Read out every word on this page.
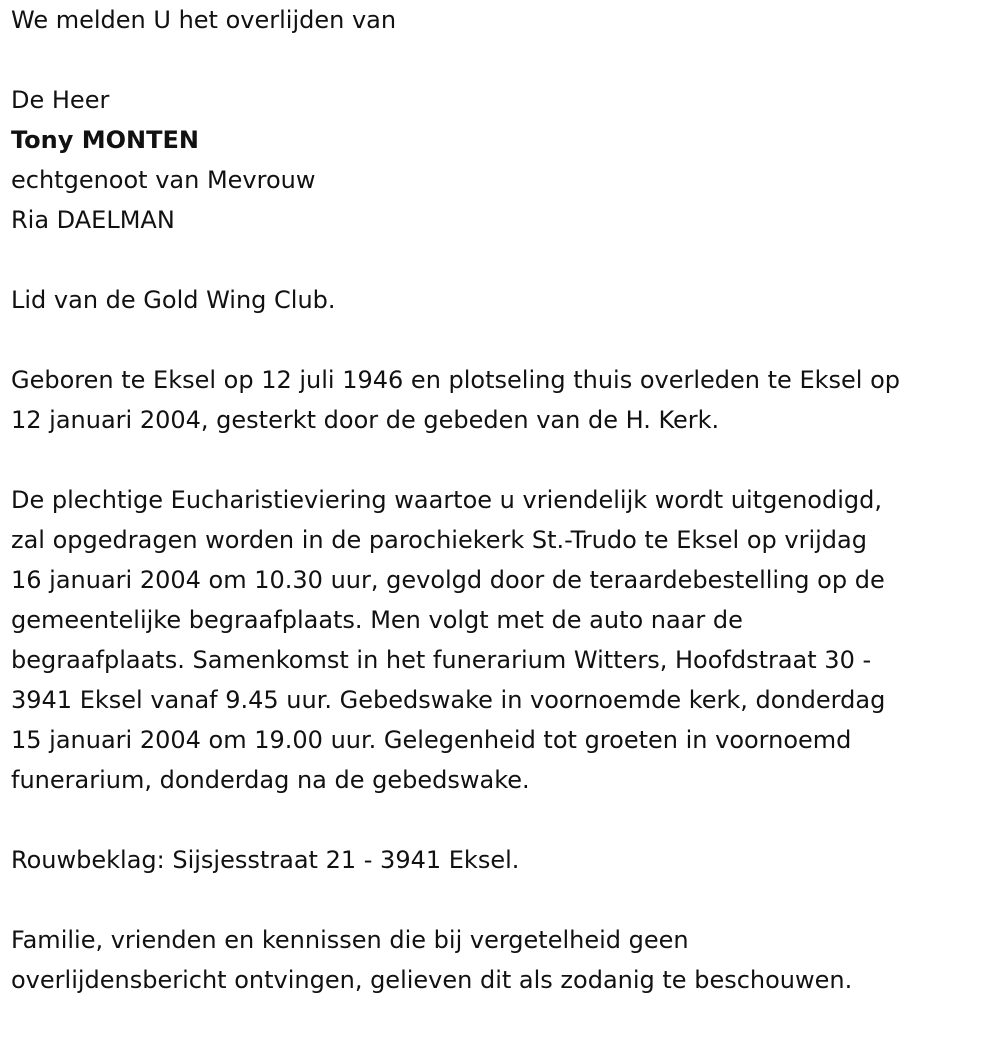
We melden U het overlijden van

De Heer

Tony MONTEN

echtgenoot van Mevrouw

Ria DAELMAN

Lid van de Gold Wing Club.

Geboren te Eksel op 12 juli 1946 en plotseling thuis overleden te Eksel op

12 januari 2004, gesterkt door de gebeden van de H. Kerk.

De plechtige Eucharistieviering waartoe u vriendelijk wordt uitgenodigd,

zal opgedragen worden in de parochiekerk St.-Trudo te Eksel op vrijdag

16 januari 2004 om 10.30 uur, gevolgd door de teraardebestelling op de

gemeentelijke begraafplaats. Men volgt met de auto naar de

begraafplaats. Samenkomst in het funerarium Witters, Hoofdstraat 30 -

3941 Eksel vanaf 9.45 uur. Gebedswake in voornoemde kerk, donderdag

15 januari 2004 om 19.00 uur. Gelegenheid tot groeten in voornoemd

funerarium, donderdag na de gebedswake.

Rouwbeklag: Sijsjesstraat 21 - 3941 Eksel.

Familie, vrienden en kennissen die bij vergetelheid geen

overlijdensbericht ontvingen, gelieven dit als zodanig te beschouwen.
